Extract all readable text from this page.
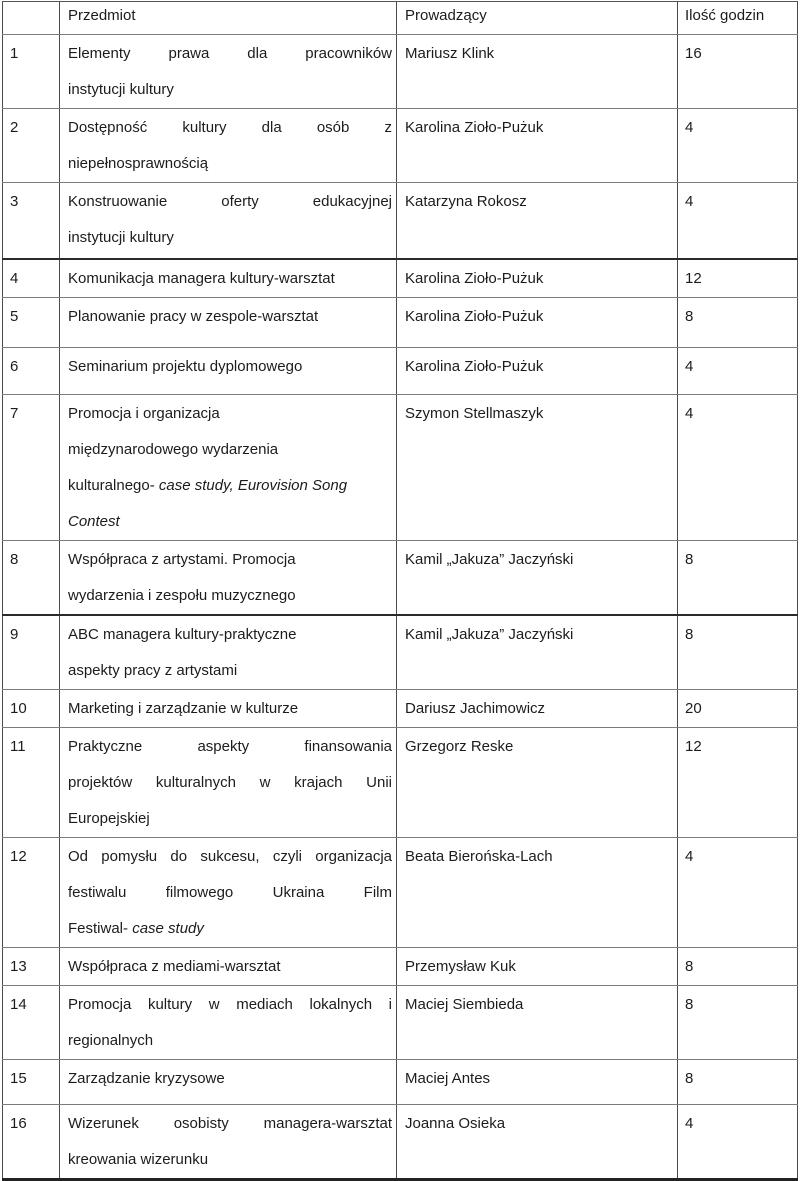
	Przedmiot	Prowadzący	Ilość godzin
1	Elementy prawa dla pracowników
instytucji kultury	Mariusz Klink	16
2	Dostępność kultury dla osób z
niepełnosprawnością	Karolina Zioło-Pużuk	4
3	Konstruowanie oferty edukacyjnej
instytucji kultury	Katarzyna Rokosz	4
4	Komunikacja managera kultury-warsztat	Karolina Zioło-Pużuk	12
5	Planowanie pracy w zespole-warsztat	Karolina Zioło-Pużuk	8
6	Seminarium projektu dyplomowego	Karolina Zioło-Pużuk	4
7	Promocja i organizacja
międzynarodowego wydarzenia
kulturalnego- case study, Eurovision Song
Contest	Szymon Stellmaszyk	4
8	Współpraca z artystami. Promocja
wydarzenia i zespołu muzycznego	Kamil „Jakuza” Jaczyński	8
9	ABC managera kultury-praktyczne
aspekty pracy z artystami	Kamil „Jakuza” Jaczyński	8
10	Marketing i zarządzanie w kulturze	Dariusz Jachimowicz	20
11	Praktyczne aspekty finansowania
projektów kulturalnych w krajach Unii
Europejskiej	Grzegorz Reske	12
12	Od pomysłu do sukcesu, czyli organizacja
festiwalu filmowego Ukraina Film
Festiwal- case study	Beata Bierońska-Lach	4
13	Współpraca z mediami-warsztat	Przemysław Kuk	8
14	Promocja kultury w mediach lokalnych i
regionalnych	Maciej Siembieda	8
15	Zarządzanie kryzysowe	Maciej Antes	8
16	Wizerunek osobisty managera-warsztat
kreowania wizerunku	Joanna Osieka	4
